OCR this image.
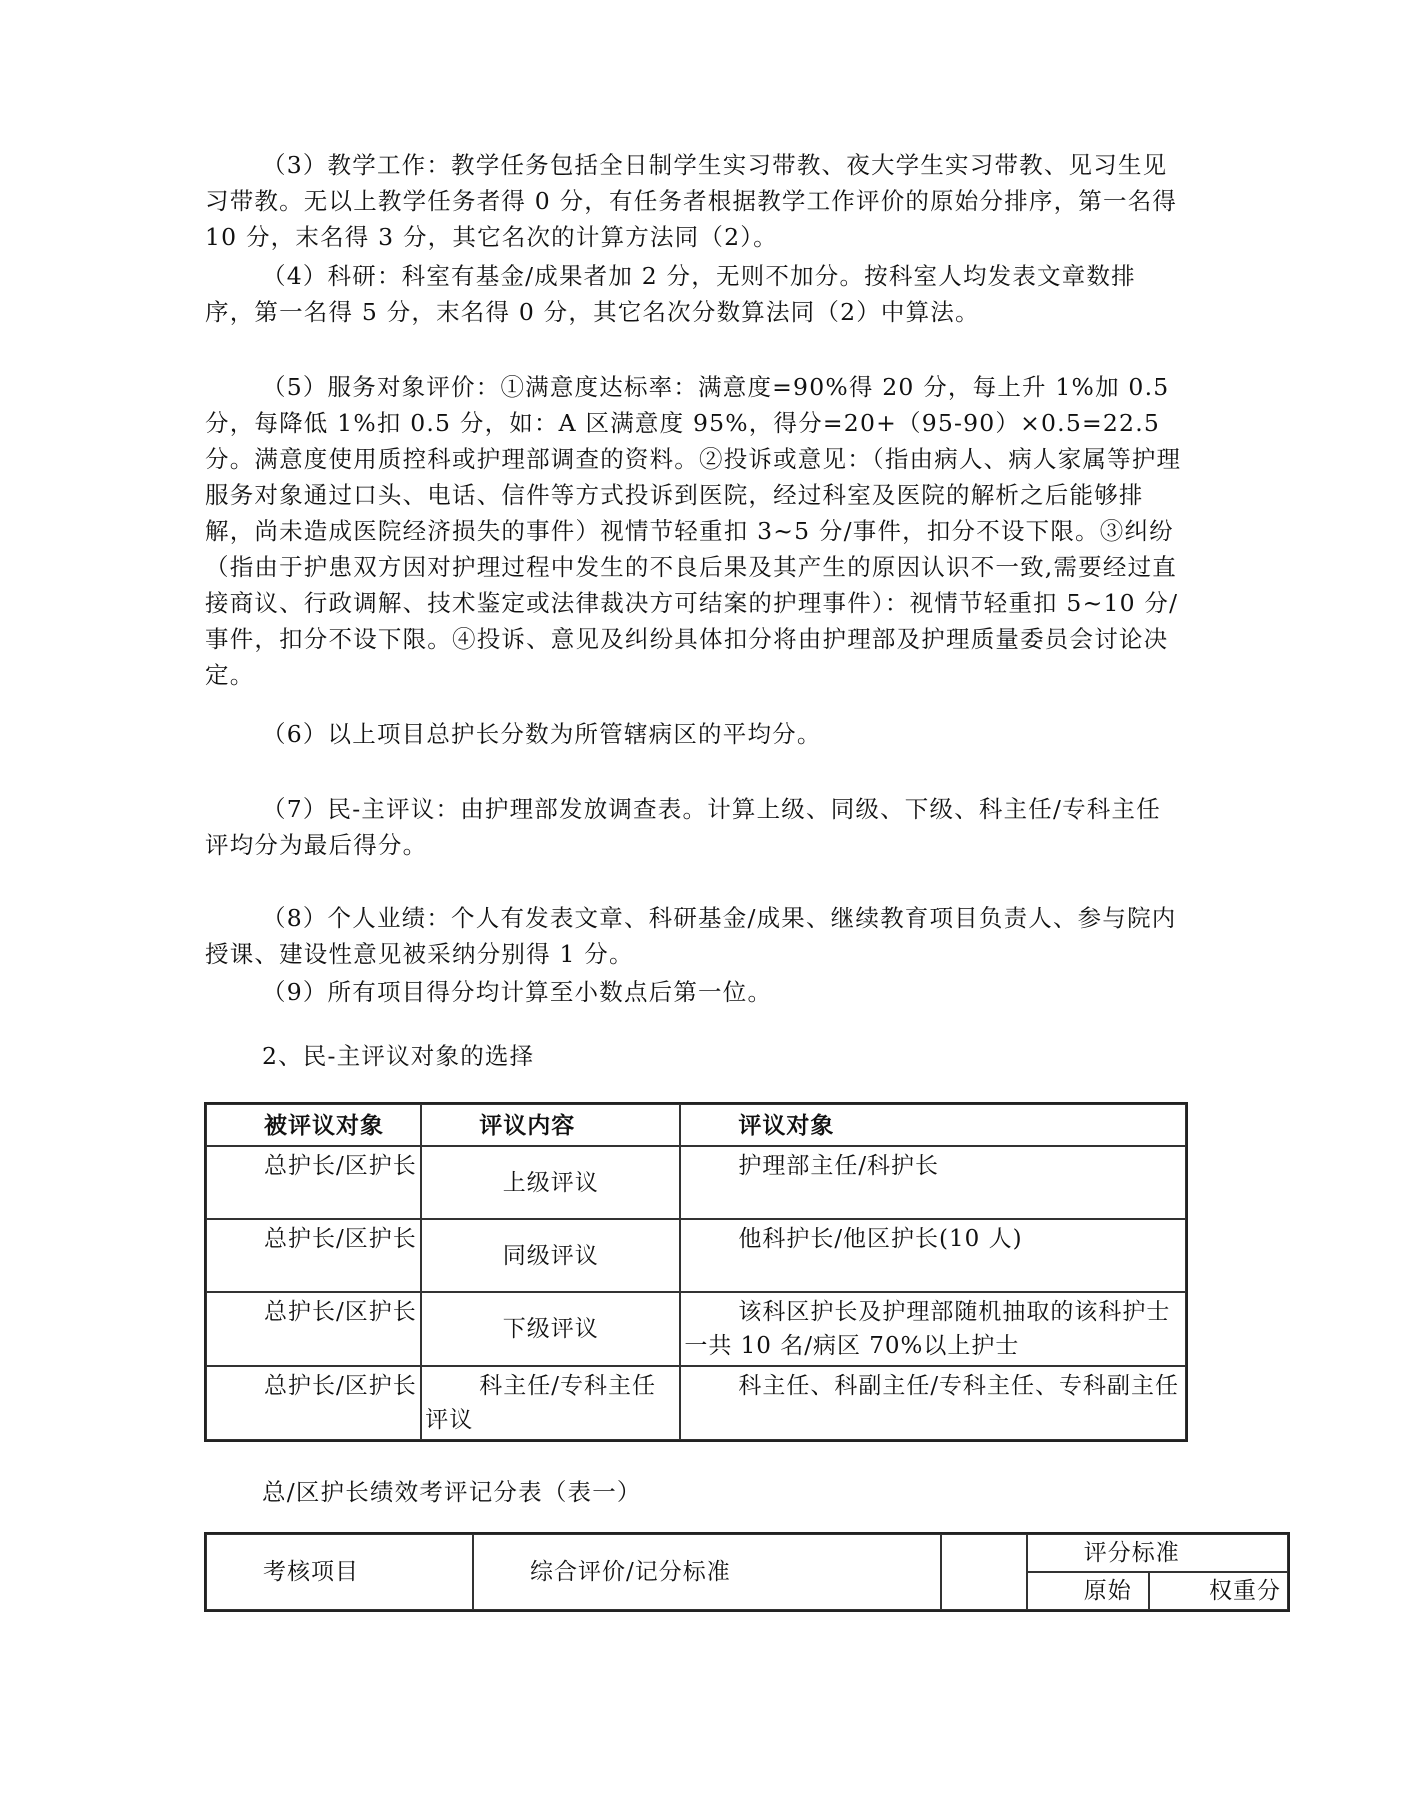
（3）教学工作：教学任务包括全日制学生实习带教、夜大学生实习带教、见习生见习带教。无以上教学任务者得 0 分，有任务者根据教学工作评价的原始分排序，第一名得 10 分，末名得 3 分，其它名次的计算方法同（2）。

（4）科研：科室有基金/成果者加 2 分，无则不加分。按科室人均发表文章数排序，第一名得 5 分，末名得 0 分，其它名次分数算法同（2）中算法。

（5）服务对象评价：①满意度达标率：满意度=90%得 20 分，每上升 1%加 0.5 分，每降低 1%扣 0.5 分，如：A 区满意度 95%，得分=20+（95-90）×0.5=22.5 分。满意度使用质控科或护理部调查的资料。②投诉或意见：（指由病人、病人家属等护理服务对象通过口头、电话、信件等方式投诉到医院，经过科室及医院的解析之后能够排解，尚未造成医院经济损失的事件）视情节轻重扣 3~5 分/事件，扣分不设下限。③纠纷（指由于护患双方因对护理过程中发生的不良后果及其产生的原因认识不一致,需要经过直接商议、行政调解、技术鉴定或法律裁决方可结案的护理事件）：视情节轻重扣 5~10 分/事件，扣分不设下限。④投诉、意见及纠纷具体扣分将由护理部及护理质量委员会讨论决定。

（6）以上项目总护长分数为所管辖病区的平均分。

（7）民-主评议：由护理部发放调查表。计算上级、同级、下级、科主任/专科主任评均分为最后得分。

（8）个人业绩：个人有发表文章、科研基金/成果、继续教育项目负责人、参与院内授课、建设性意见被采纳分别得 1 分。

（9）所有项目得分均计算至小数点后第一位。

2、民-主评议对象的选择

被评议对象	评议内容	评议对象
总护长/区护长	上级评议	护理部主任/科护长
总护长/区护长	同级评议	他科护长/他区护长(10 人)
总护长/区护长	下级评议	该科区护长及护理部随机抽取的该科护士一共 10 名/病区 70%以上护士
总护长/区护长	科主任/专科主任评议	科主任、科副主任/专科主任、专科副主任

总/区护长绩效考评记分表（表一）

考核项目	综合评价/记分标准		评分标准	
			原始	权重分
